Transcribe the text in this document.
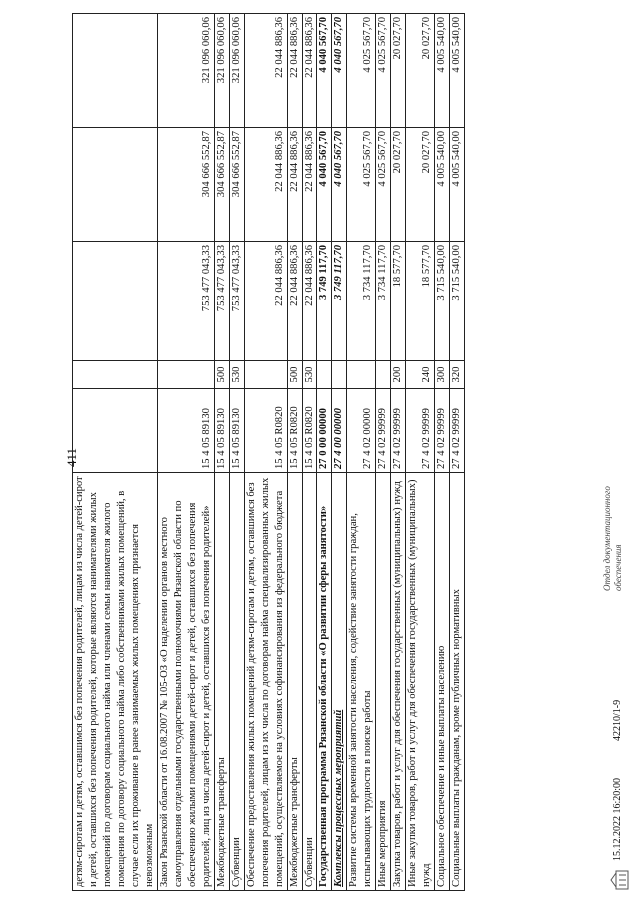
411
детям-сиротам и детям, оставшимся без попечения родителей, лицам из числа детей-сирот и детей, оставшихся без попечения родителей, которые являются нанимателями жилых помещений по договорам социального найма или членами семьи нанимателя жилого помещения по договору социального найма либо собственниками жилых помещений, в случае если их проживание в ранее занимаемых жилых помещениях признается невозможным					
Закон Рязанской области от 16.08.2007 № 105-ОЗ «О наделении органов местного самоуправления отдельными государственными полномочиями Рязанской области по обеспечению жилыми помещениями детей-сирот и детей, оставшихся без попечения родителей, лиц из числа детей-сирот и детей, оставшихся без попечения родителей»	15 4 05 89130		753 477 043,33	304 666 552,87	321 096 060,06
Межбюджетные трансферты	15 4 05 89130	500	753 477 043,33	304 666 552,87	321 096 060,06
Субвенции	15 4 05 89130	530	753 477 043,33	304 666 552,87	321 096 060,06
Обеспечение предоставления жилых помещений детям-сиротам и детям, оставшимся без попечения родителей, лицам из их числа по договорам найма специализированных жилых помещений, осуществляемое на условиях софинансирования из федерального бюджета	15 4 05 R0820		22 044 886,36	22 044 886,36	22 044 886,36
Межбюджетные трансферты	15 4 05 R0820	500	22 044 886,36	22 044 886,36	22 044 886,36
Субвенции	15 4 05 R0820	530	22 044 886,36	22 044 886,36	22 044 886,36
Государственная программа Рязанской области «О развитии сферы занятости»	27 0 00 00000		3 749 117,70	4 040 567,70	4 040 567,70
Комплексы процессных мероприятий	27 4 00 00000		3 749 117,70	4 040 567,70	4 040 567,70
Развитие системы временной занятости населения, содействие занятости граждан, испытывающих трудности в поиске работы	27 4 02 00000		3 734 117,70	4 025 567,70	4 025 567,70
Иные мероприятия	27 4 02 99999		3 734 117,70	4 025 567,70	4 025 567,70
Закупка товаров, работ и услуг для обеспечения государственных (муниципальных) нужд	27 4 02 99999	200	18 577,70	20 027,70	20 027,70
Иные закупки товаров, работ и услуг для обеспечения государственных (муниципальных) нужд	27 4 02 99999	240	18 577,70	20 027,70	20 027,70
Социальное обеспечение и иные выплаты населению	27 4 02 99999	300	3 715 540,00	4 005 540,00	4 005 540,00
Социальные выплаты гражданам, кроме публичных нормативных	27 4 02 99999	320	3 715 540,00	4 005 540,00	4 005 540,00
15.12.2022 16:20:00
42210/1-9
Отдел документационного обеспечения
